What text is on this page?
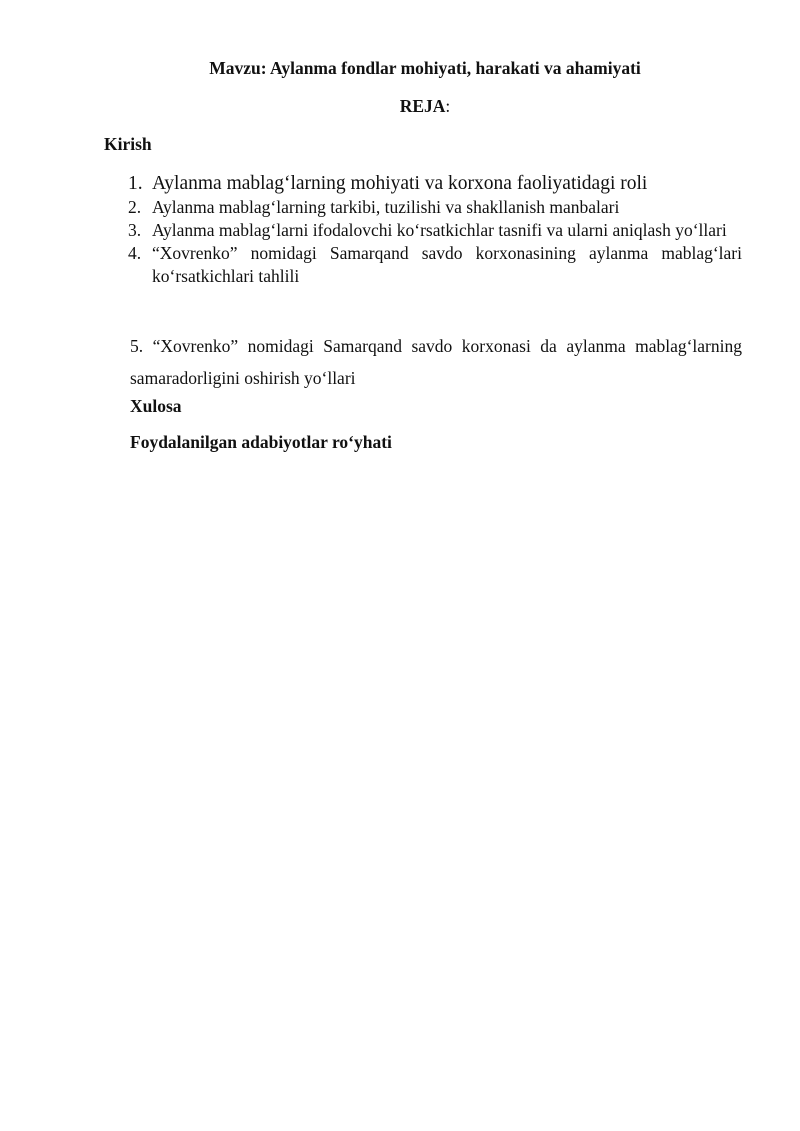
Mavzu: Aylanma fondlar mohiyati, harakati va ahamiyati
REJA:
Kirish
1. Aylanma mablag‘larning mohiyati va korxona faoliyatidagi roli
2. Aylanma mablag‘larning tarkibi, tuzilishi va shakllanish manbalari
3. Aylanma mablag‘larni ifodalovchi ko‘rsatkichlar tasnifi va ularni aniqlash yo‘llari
4. “Xovrenko” nomidagi Samarqand savdo korxonasining aylanma mablag‘lari ko‘rsatkichlari tahlili
5. “Xovrenko” nomidagi Samarqand savdo korxonasi da aylanma mablag‘larning
samaradorligini oshirish yo‘llari
Xulosa
Foydalanilgan adabiyotlar ro‘yhati
